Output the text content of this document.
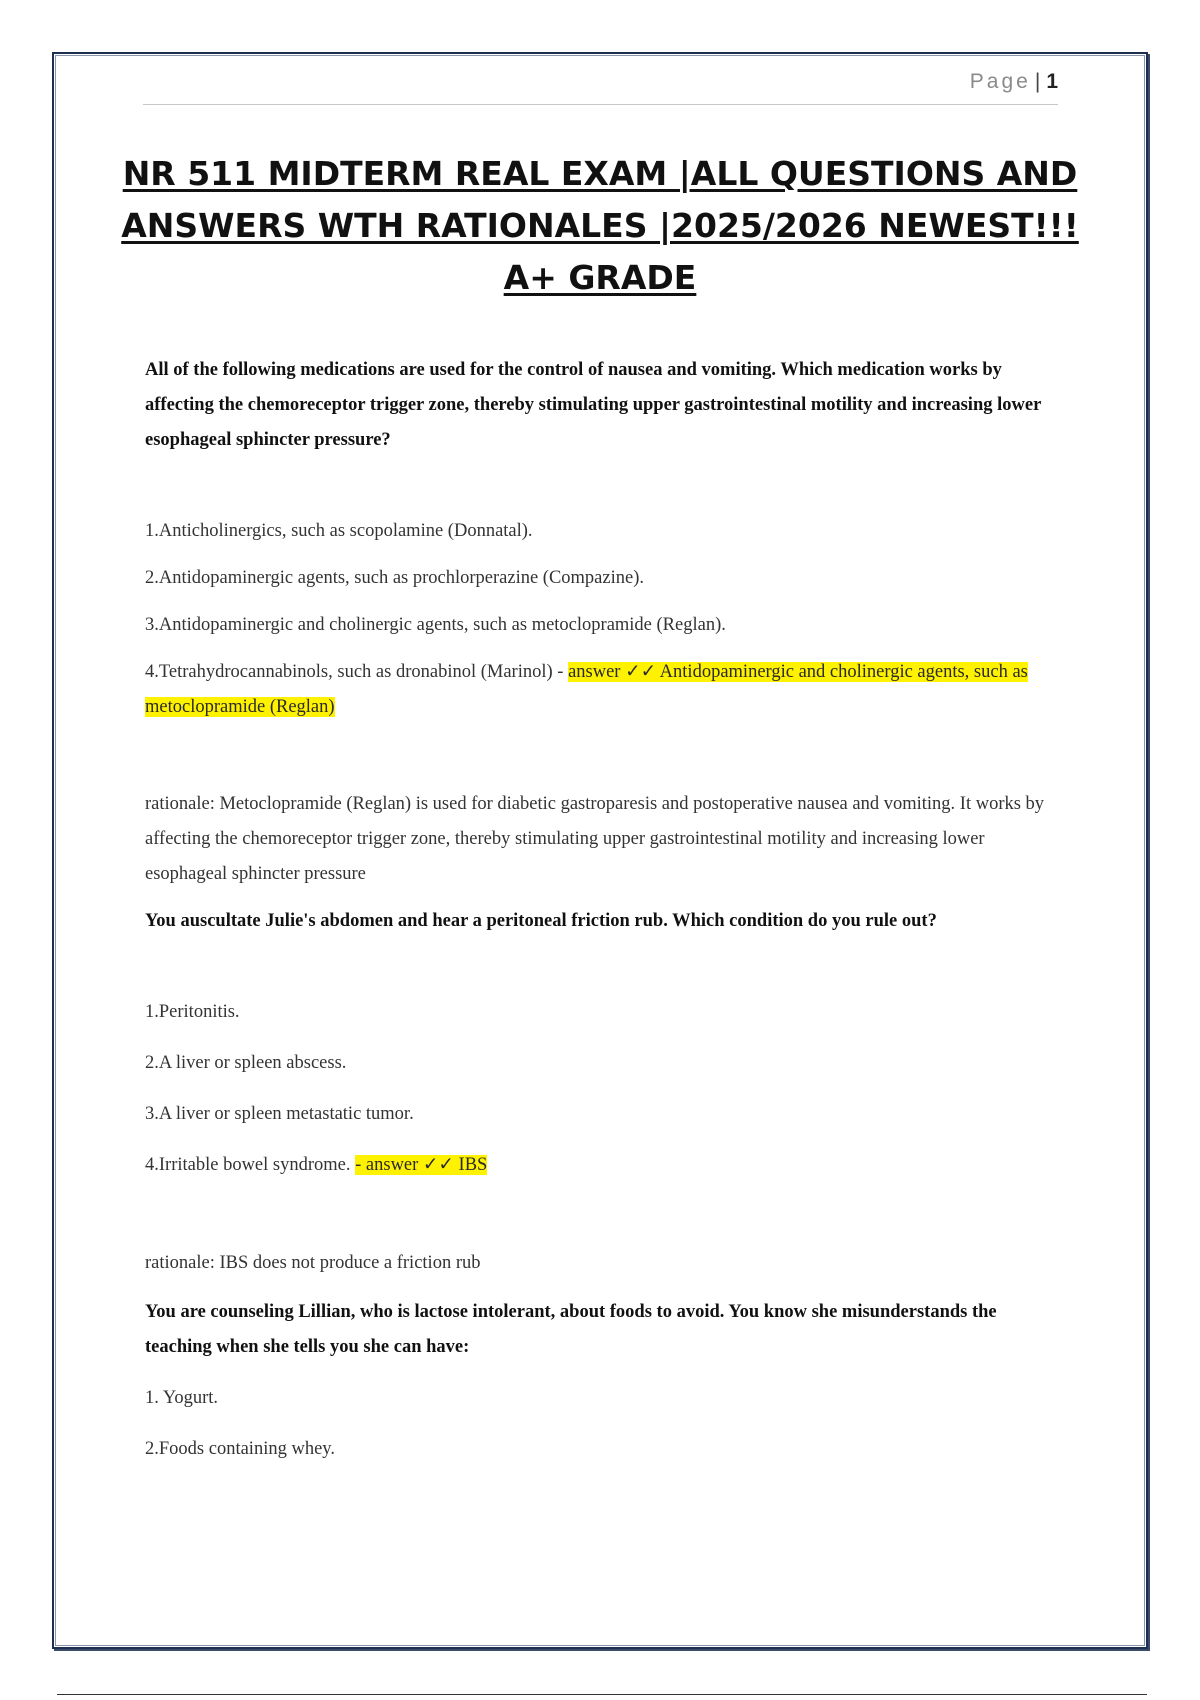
Page | 1
NR 511 MIDTERM REAL EXAM |ALL QUESTIONS AND ANSWERS WTH RATIONALES |2025/2026 NEWEST!!! A+ GRADE

All of the following medications are used for the control of nausea and vomiting. Which medication works by affecting the chemoreceptor trigger zone, thereby stimulating upper gastrointestinal motility and increasing lower esophageal sphincter pressure?

1.Anticholinergics, such as scopolamine (Donnatal).

2.Antidopaminergic agents, such as prochlorperazine (Compazine).

3.Antidopaminergic and cholinergic agents, such as metoclopramide (Reglan).

4.Tetrahydrocannabinols, such as dronabinol (Marinol) - answer ✓✓ Antidopaminergic and cholinergic agents, such as metoclopramide (Reglan)

rationale: Metoclopramide (Reglan) is used for diabetic gastroparesis and postoperative nausea and vomiting. It works by affecting the chemoreceptor trigger zone, thereby stimulating upper gastrointestinal motility and increasing lower esophageal sphincter pressure

You auscultate Julie's abdomen and hear a peritoneal friction rub. Which condition do you rule out?

1.Peritonitis.

2.A liver or spleen abscess.

3.A liver or spleen metastatic tumor.

4.Irritable bowel syndrome. - answer ✓✓ IBS

rationale: IBS does not produce a friction rub

You are counseling Lillian, who is lactose intolerant, about foods to avoid. You know she misunderstands the teaching when she tells you she can have:

1. Yogurt.

2.Foods containing whey.
